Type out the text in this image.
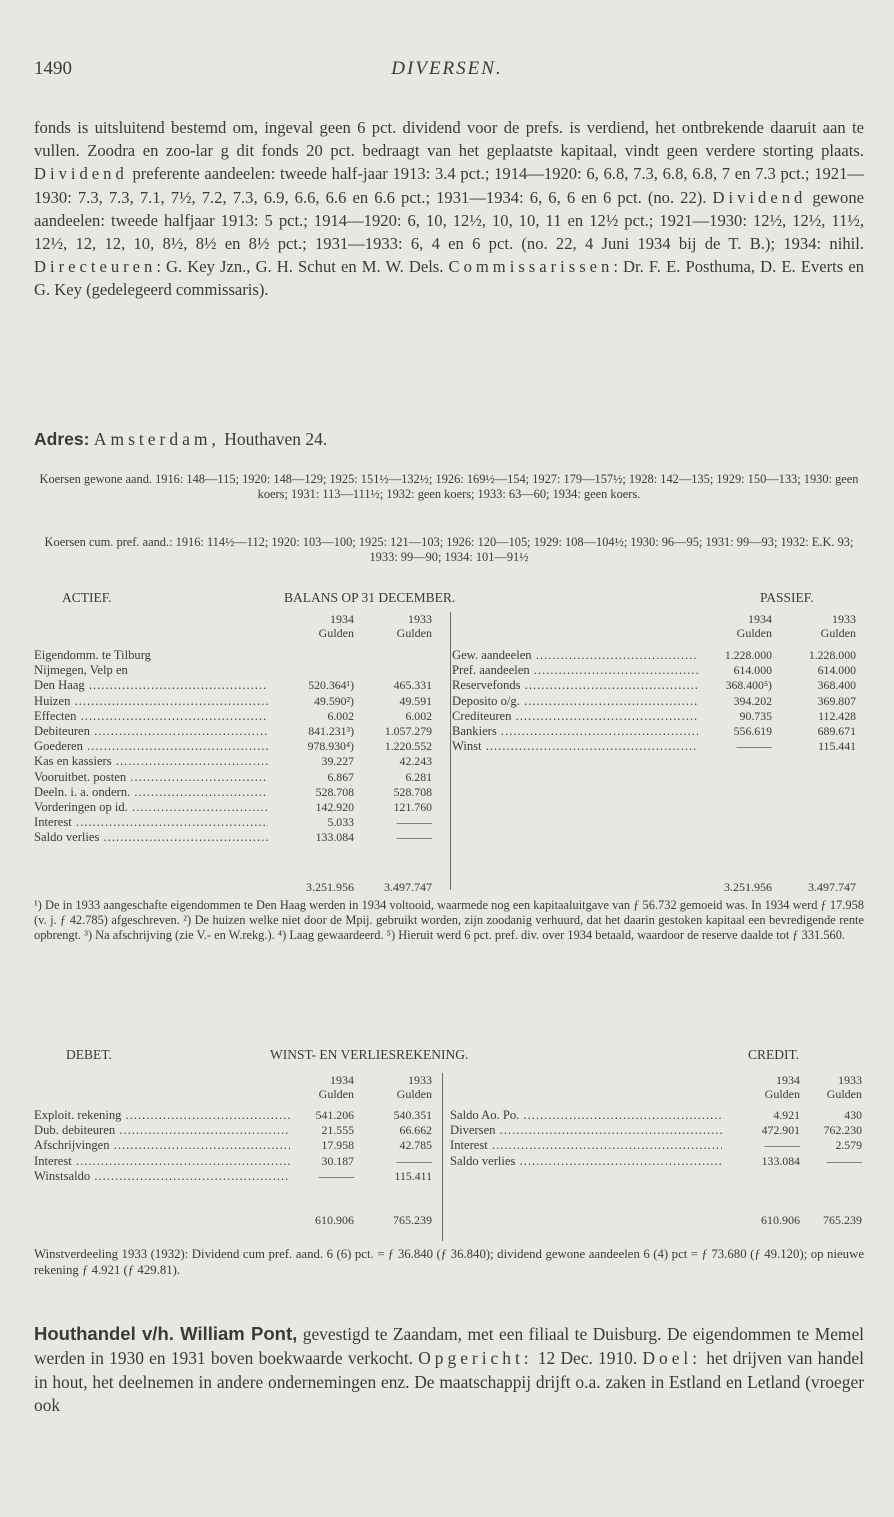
1490	DIVERSEN.
fonds is uitsluitend bestemd om, ingeval geen 6 pct. dividend voor de prefs. is verdiend, het ontbrekende daaruit aan te vullen. Zoodra en zoo-lar g dit fonds 20 pct. bedraagt van het geplaatste kapitaal, vindt geen verdere storting plaats. Dividend preferente aandeelen: tweede half-jaar 1913: 3.4 pct.; 1914—1920: 6, 6.8, 7.3, 6.8, 6.8, 7 en 7.3 pct.; 1921—1930: 7.3, 7.3, 7.1, 7½, 7.2, 7.3, 6.9, 6.6, 6.6 en 6.6 pct.; 1931—1934: 6, 6, 6 en 6 pct. (no. 22). Dividend gewone aandeelen: tweede halfjaar 1913: 5 pct.; 1914—1920: 6, 10, 12½, 10, 10, 11 en 12½ pct.; 1921—1930: 12½, 12½, 11½, 12½, 12, 12, 10, 8½, 8½ en 8½ pct.; 1931—1933: 6, 4 en 6 pct. (no. 22, 4 Juni 1934 bij de T. B.); 1934: nihil. Directeuren: G. Key Jzn., G. H. Schut en M. W. Dels. Commissarissen: Dr. F. E. Posthuma, D. E. Everts en G. Key (gedelegeerd commissaris).
Adres: Amsterdam, Houthaven 24.
Koersen gewone aand. 1916: 148—115; 1920: 148—129; 1925: 151½—132½; 1926: 169½—154; 1927: 179—157½; 1928: 142—135; 1929: 150—133; 1930: geen koers; 1931: 113—111½; 1932: geen koers; 1933: 63—60; 1934: geen koers.
Koersen cum. pref. aand.: 1916: 114½—112; 1920: 103—100; 1925: 121—103; 1926: 120—105; 1929: 108—104½; 1930: 96—95; 1931: 99—93; 1932: E.K. 93; 1933: 99—90; 1934: 101—91½
ACTIEF.	BALANS OP 31 DECEMBER.	PASSIEF.
1934
Gulden
1933
Gulden
1934
Gulden
1933
Gulden
Eigendomm. te Tilburg
Nijmegen, Velp en
Den Haag .....	520.364¹)	465.331
Huizen .....	49.590²)	49.591
Effecten .....	6.002	6.002
Debiteuren .....	841.231³)	1.057.279
Goederen .....	978.930⁴)	1.220.552
Kas en kassiers .....	39.227	42.243
Vooruitbet. posten .....	6.867	6.281
Deeln. i. a. ondern. .....	528.708	528.708
Vorderingen op id. .....	142.920	121.760
Interest .....	5.033	———
Saldo verlies .....	133.084	———
Gew. aandeelen .....	1.228.000	1.228.000
Pref. aandeelen .....	614.000	614.000
Reservefonds .....	368.400⁵)	368.400
Deposito o/g. .....	394.202	369.807
Crediteuren .....	90.735	112.428
Bankiers .....	556.619	689.671
Winst .....	———	115.441
3.251.956	3.497.747	3.251.956	3.497.747
¹) De in 1933 aangeschafte eigendommen te Den Haag werden in 1934 voltooid, waarmede nog een kapitaaluitgave van ƒ 56.732 gemoeid was. In 1934 werd ƒ 17.958 (v. j. ƒ 42.785) afgeschreven. ²) De huizen welke niet door de Mpij. gebruikt worden, zijn zoodanig verhuurd, dat het daarin gestoken kapitaal een bevredigende rente opbrengt. ³) Na afschrijving (zie V.- en W.rekg.). ⁴) Laag gewaardeerd. ⁵) Hieruit werd 6 pct. pref. div. over 1934 betaald, waardoor de reserve daalde tot ƒ 331.560.
DEBET.	WINST- EN VERLIESREKENING.	CREDIT.
1934
Gulden
1933
Gulden
1934
Gulden
1933
Gulden
Exploit. rekening .....	541.206	540.351
Dub. debiteuren .....	21.555	66.662
Afschrijvingen .....	17.958	42.785
Interest .....	30.187	———
Winstsaldo .....	———	115.411
Saldo Ao. Po. .....	4.921	430
Diversen .....	472.901	762.230
Interest .....	———	2.579
Saldo verlies .....	133.084	———
610.906	765.239	610.906	765.239
Winstverdeeling 1933 (1932): Dividend cum pref. aand. 6 (6) pct. = ƒ 36.840 (ƒ 36.840); dividend gewone aandeelen 6 (4) pct = ƒ 73.680 (ƒ 49.120); op nieuwe rekening ƒ 4.921 (ƒ 429.81).
Houthandel v/h. William Pont, gevestigd te Zaandam, met een filiaal te Duisburg. De eigendommen te Memel werden in 1930 en 1931 boven boekwaarde verkocht. Opgericht: 12 Dec. 1910. Doel: het drijven van handel in hout, het deelnemen in andere ondernemingen enz. De maatschappij drijft o.a. zaken in Estland en Letland (vroeger ook
